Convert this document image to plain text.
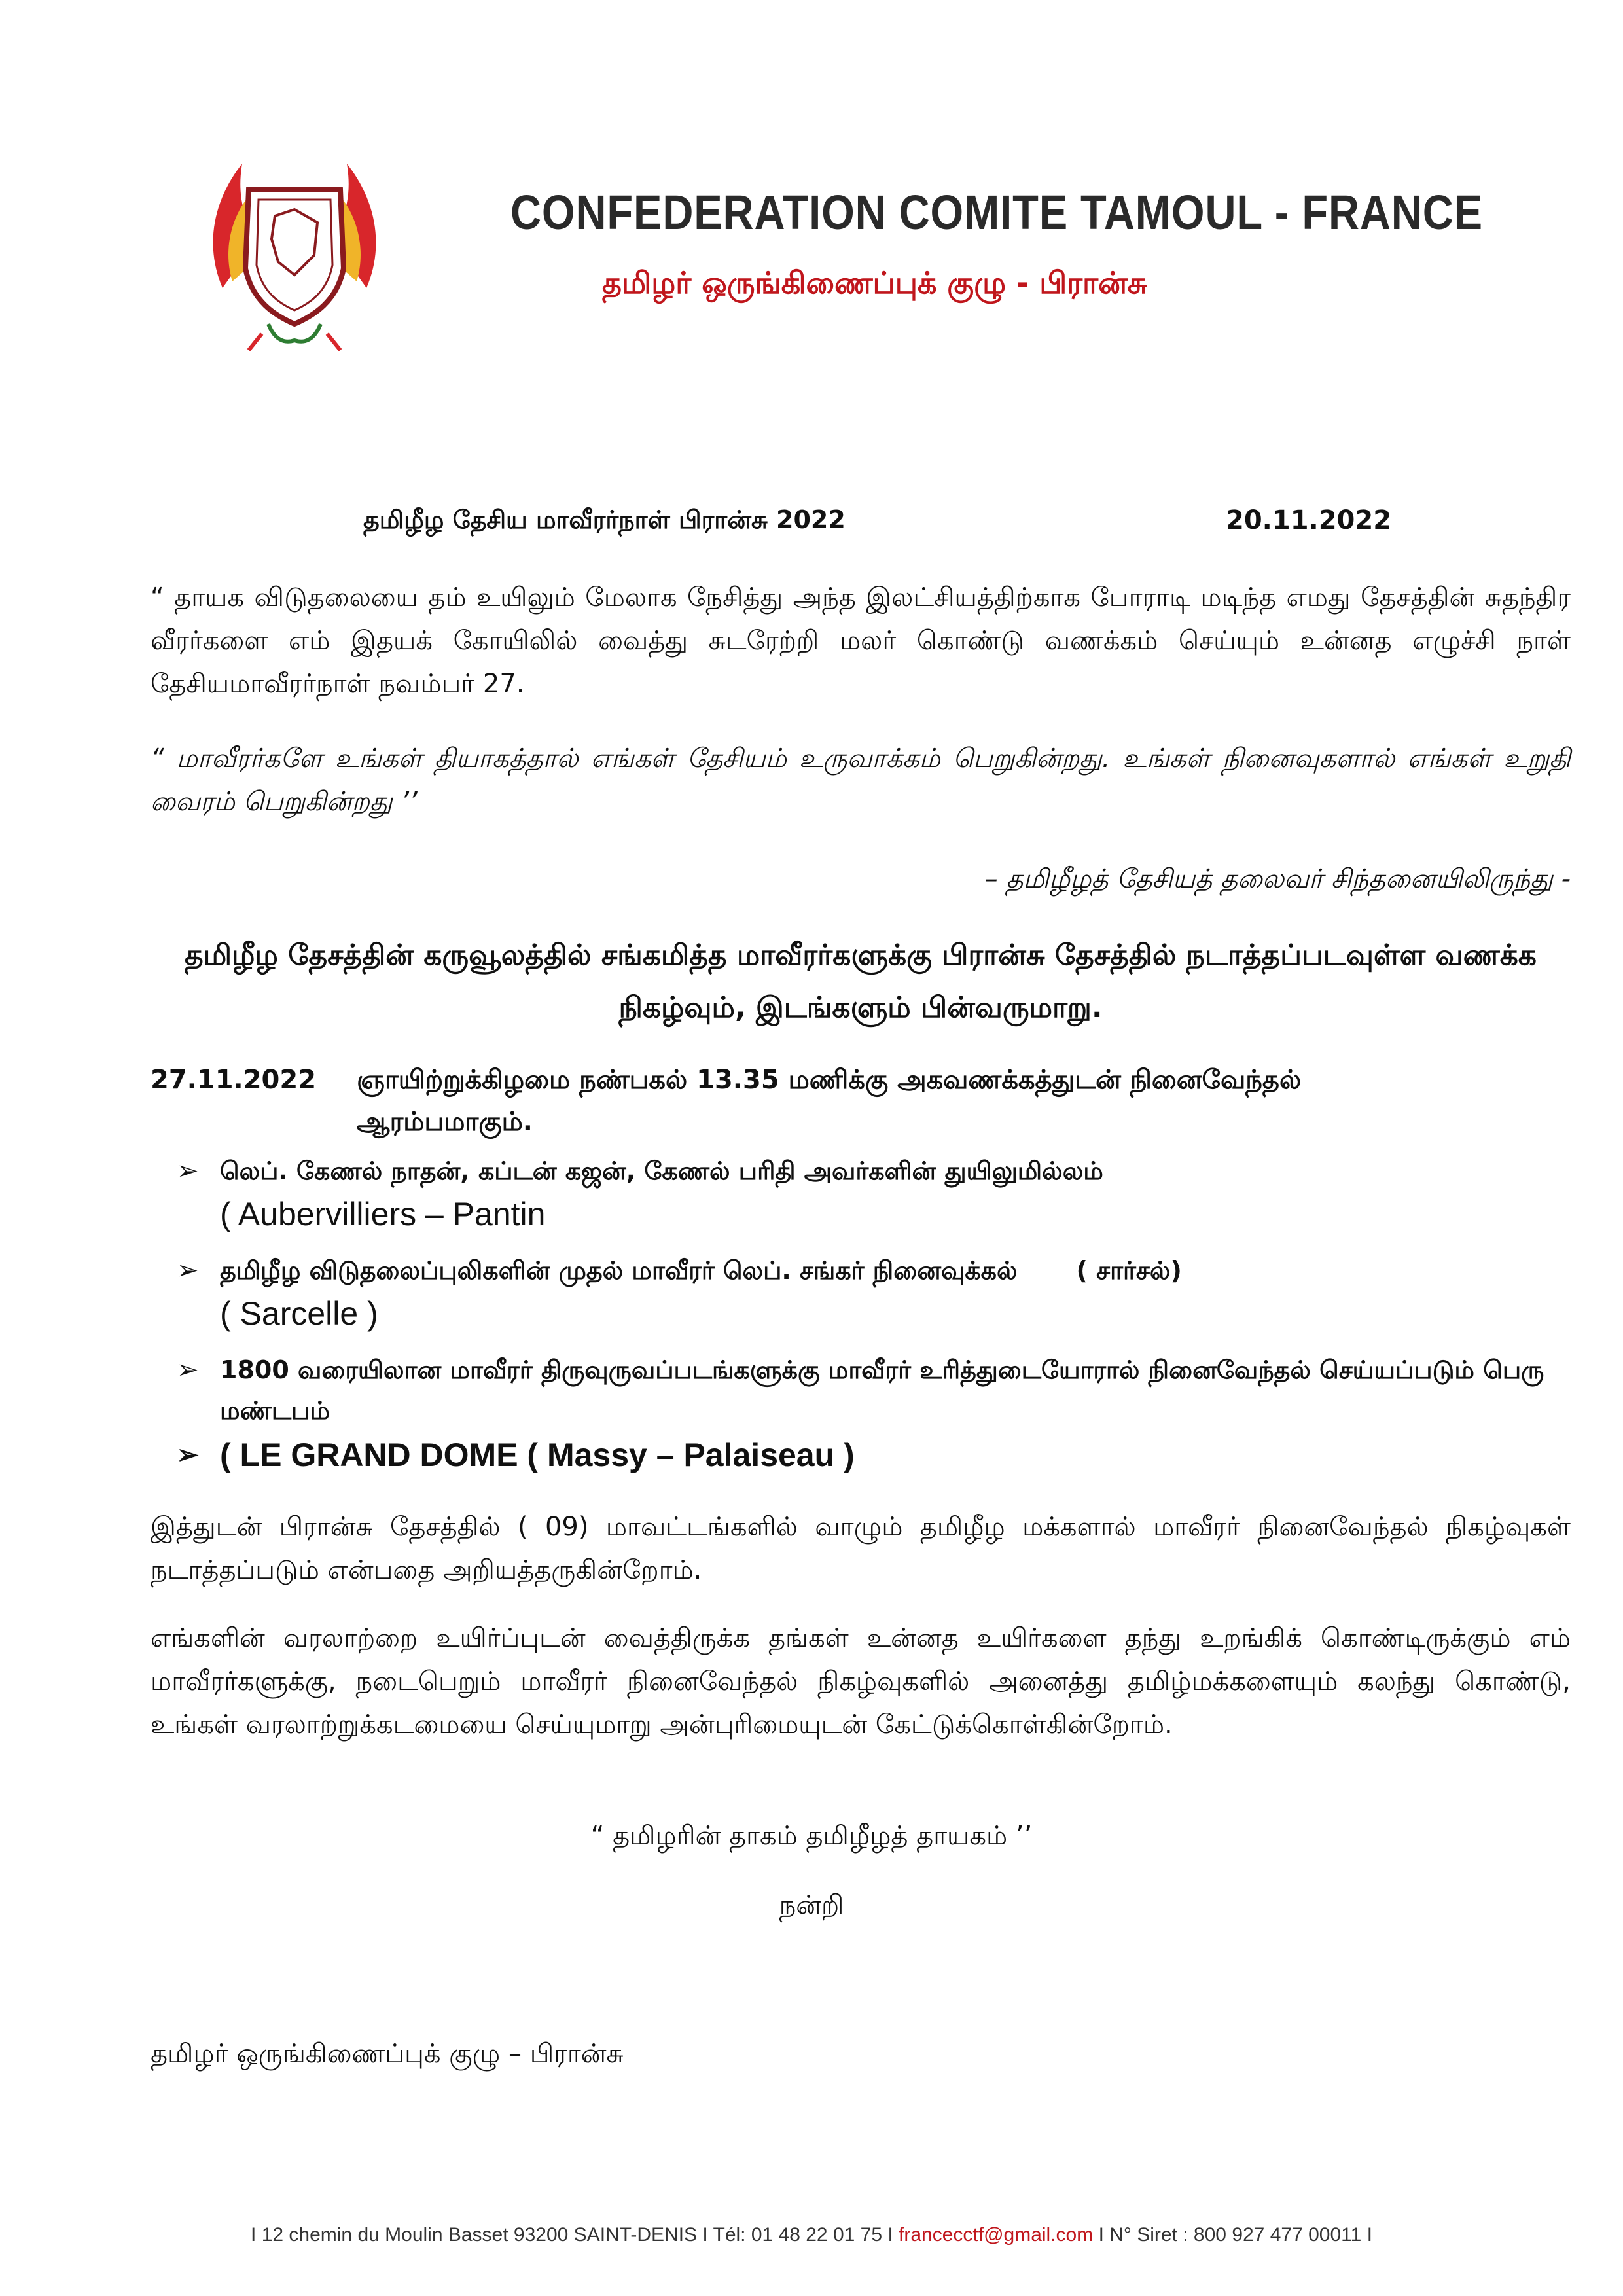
CONFEDERATION COMITE TAMOUL - FRANCE
தமிழர் ஒருங்கிணைப்புக் குழு - பிரான்சு
தமிழீழ தேசிய மாவீரர்நாள் பிரான்சு 2022	20.11.2022
“ தாயக விடுதலையை தம் உயிலும் மேலாக நேசித்து அந்த இலட்சியத்திற்காக போராடி மடிந்த எமது தேசத்தின் சுதந்திர வீரர்களை எம் இதயக் கோயிலில் வைத்து சுடரேற்றி மலர் கொண்டு வணக்கம் செய்யும் உன்னத எழுச்சி நாள் தேசியமாவீரர்நாள் நவம்பர் 27.
“ மாவீரர்களே உங்கள் தியாகத்தால் எங்கள் தேசியம் உருவாக்கம் பெறுகின்றது. உங்கள் நினைவுகளால் எங்கள் உறுதி வைரம் பெறுகின்றது ’’
– தமிழீழத் தேசியத் தலைவர் சிந்தனையிலிருந்து -
தமிழீழ தேசத்தின் கருவூலத்தில் சங்கமித்த மாவீரர்களுக்கு பிரான்சு தேசத்தில் நடாத்தப்படவுள்ள வணக்க நிகழ்வும், இடங்களும் பின்வருமாறு.
27.11.2022 ஞாயிற்றுக்கிழமை நண்பகல் 13.35 மணிக்கு அகவணக்கத்துடன் நினைவேந்தல் ஆரம்பமாகும்.
➢ லெப். கேணல் நாதன், கப்டன் கஜன், கேணல் பரிதி அவர்களின் துயிலுமில்லம்
( Aubervilliers – Pantin
➢ தமிழீழ விடுதலைப்புலிகளின் முதல் மாவீரர் லெப். சங்கர் நினைவுக்கல் ( சார்சல்)
( Sarcelle )
➢ 1800 வரையிலான மாவீரர் திருவுருவப்படங்களுக்கு மாவீரர் உரித்துடையோரால் நினைவேந்தல் செய்யப்படும் பெரு மண்டபம்
➢ ( LE GRAND DOME ( Massy – Palaiseau )
இத்துடன் பிரான்சு தேசத்தில் ( 09) மாவட்டங்களில் வாழும் தமிழீழ மக்களால் மாவீரர் நினைவேந்தல் நிகழ்வுகள் நடாத்தப்படும் என்பதை அறியத்தருகின்றோம்.
எங்களின் வரலாற்றை உயிர்ப்புடன் வைத்திருக்க தங்கள் உன்னத உயிர்களை தந்து உறங்கிக் கொண்டிருக்கும் எம் மாவீரர்களுக்கு, நடைபெறும் மாவீரர் நினைவேந்தல் நிகழ்வுகளில் அனைத்து தமிழ்மக்களையும் கலந்து கொண்டு, உங்கள் வரலாற்றுக்கடமையை செய்யுமாறு அன்புரிமையுடன் கேட்டுக்கொள்கின்றோம்.
“ தமிழரின் தாகம் தமிழீழத் தாயகம் ’’
நன்றி
தமிழர் ஒருங்கிணைப்புக் குழு – பிரான்சு
I 12 chemin du Moulin Basset 93200 SAINT-DENIS I Tél: 01 48 22 01 75 I francecctf@gmail.com I N° Siret : 800 927 477 00011 I
